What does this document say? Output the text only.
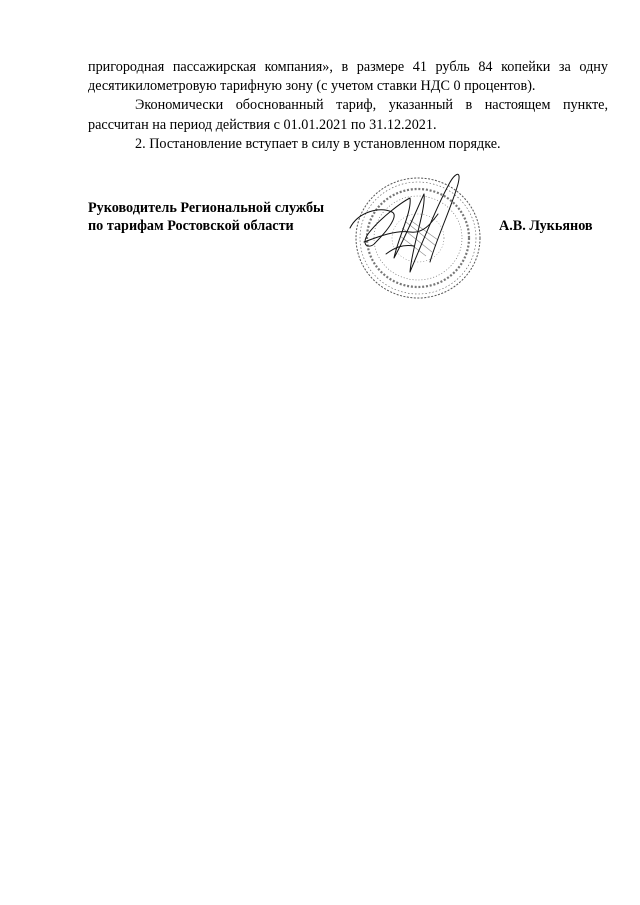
пригородная пассажирская компания», в размере 41 рубль 84 копейки за одну
десятикилометровую тарифную зону (с учетом ставки НДС 0 процентов).

Экономически обоснованный тариф, указанный в настоящем пункте,
рассчитан на период действия с 01.01.2021 по 31.12.2021.

2. Постановление вступает в силу в установленном порядке.

Руководитель Региональной службы
по тарифам Ростовской области	А.В. Лукьянов
